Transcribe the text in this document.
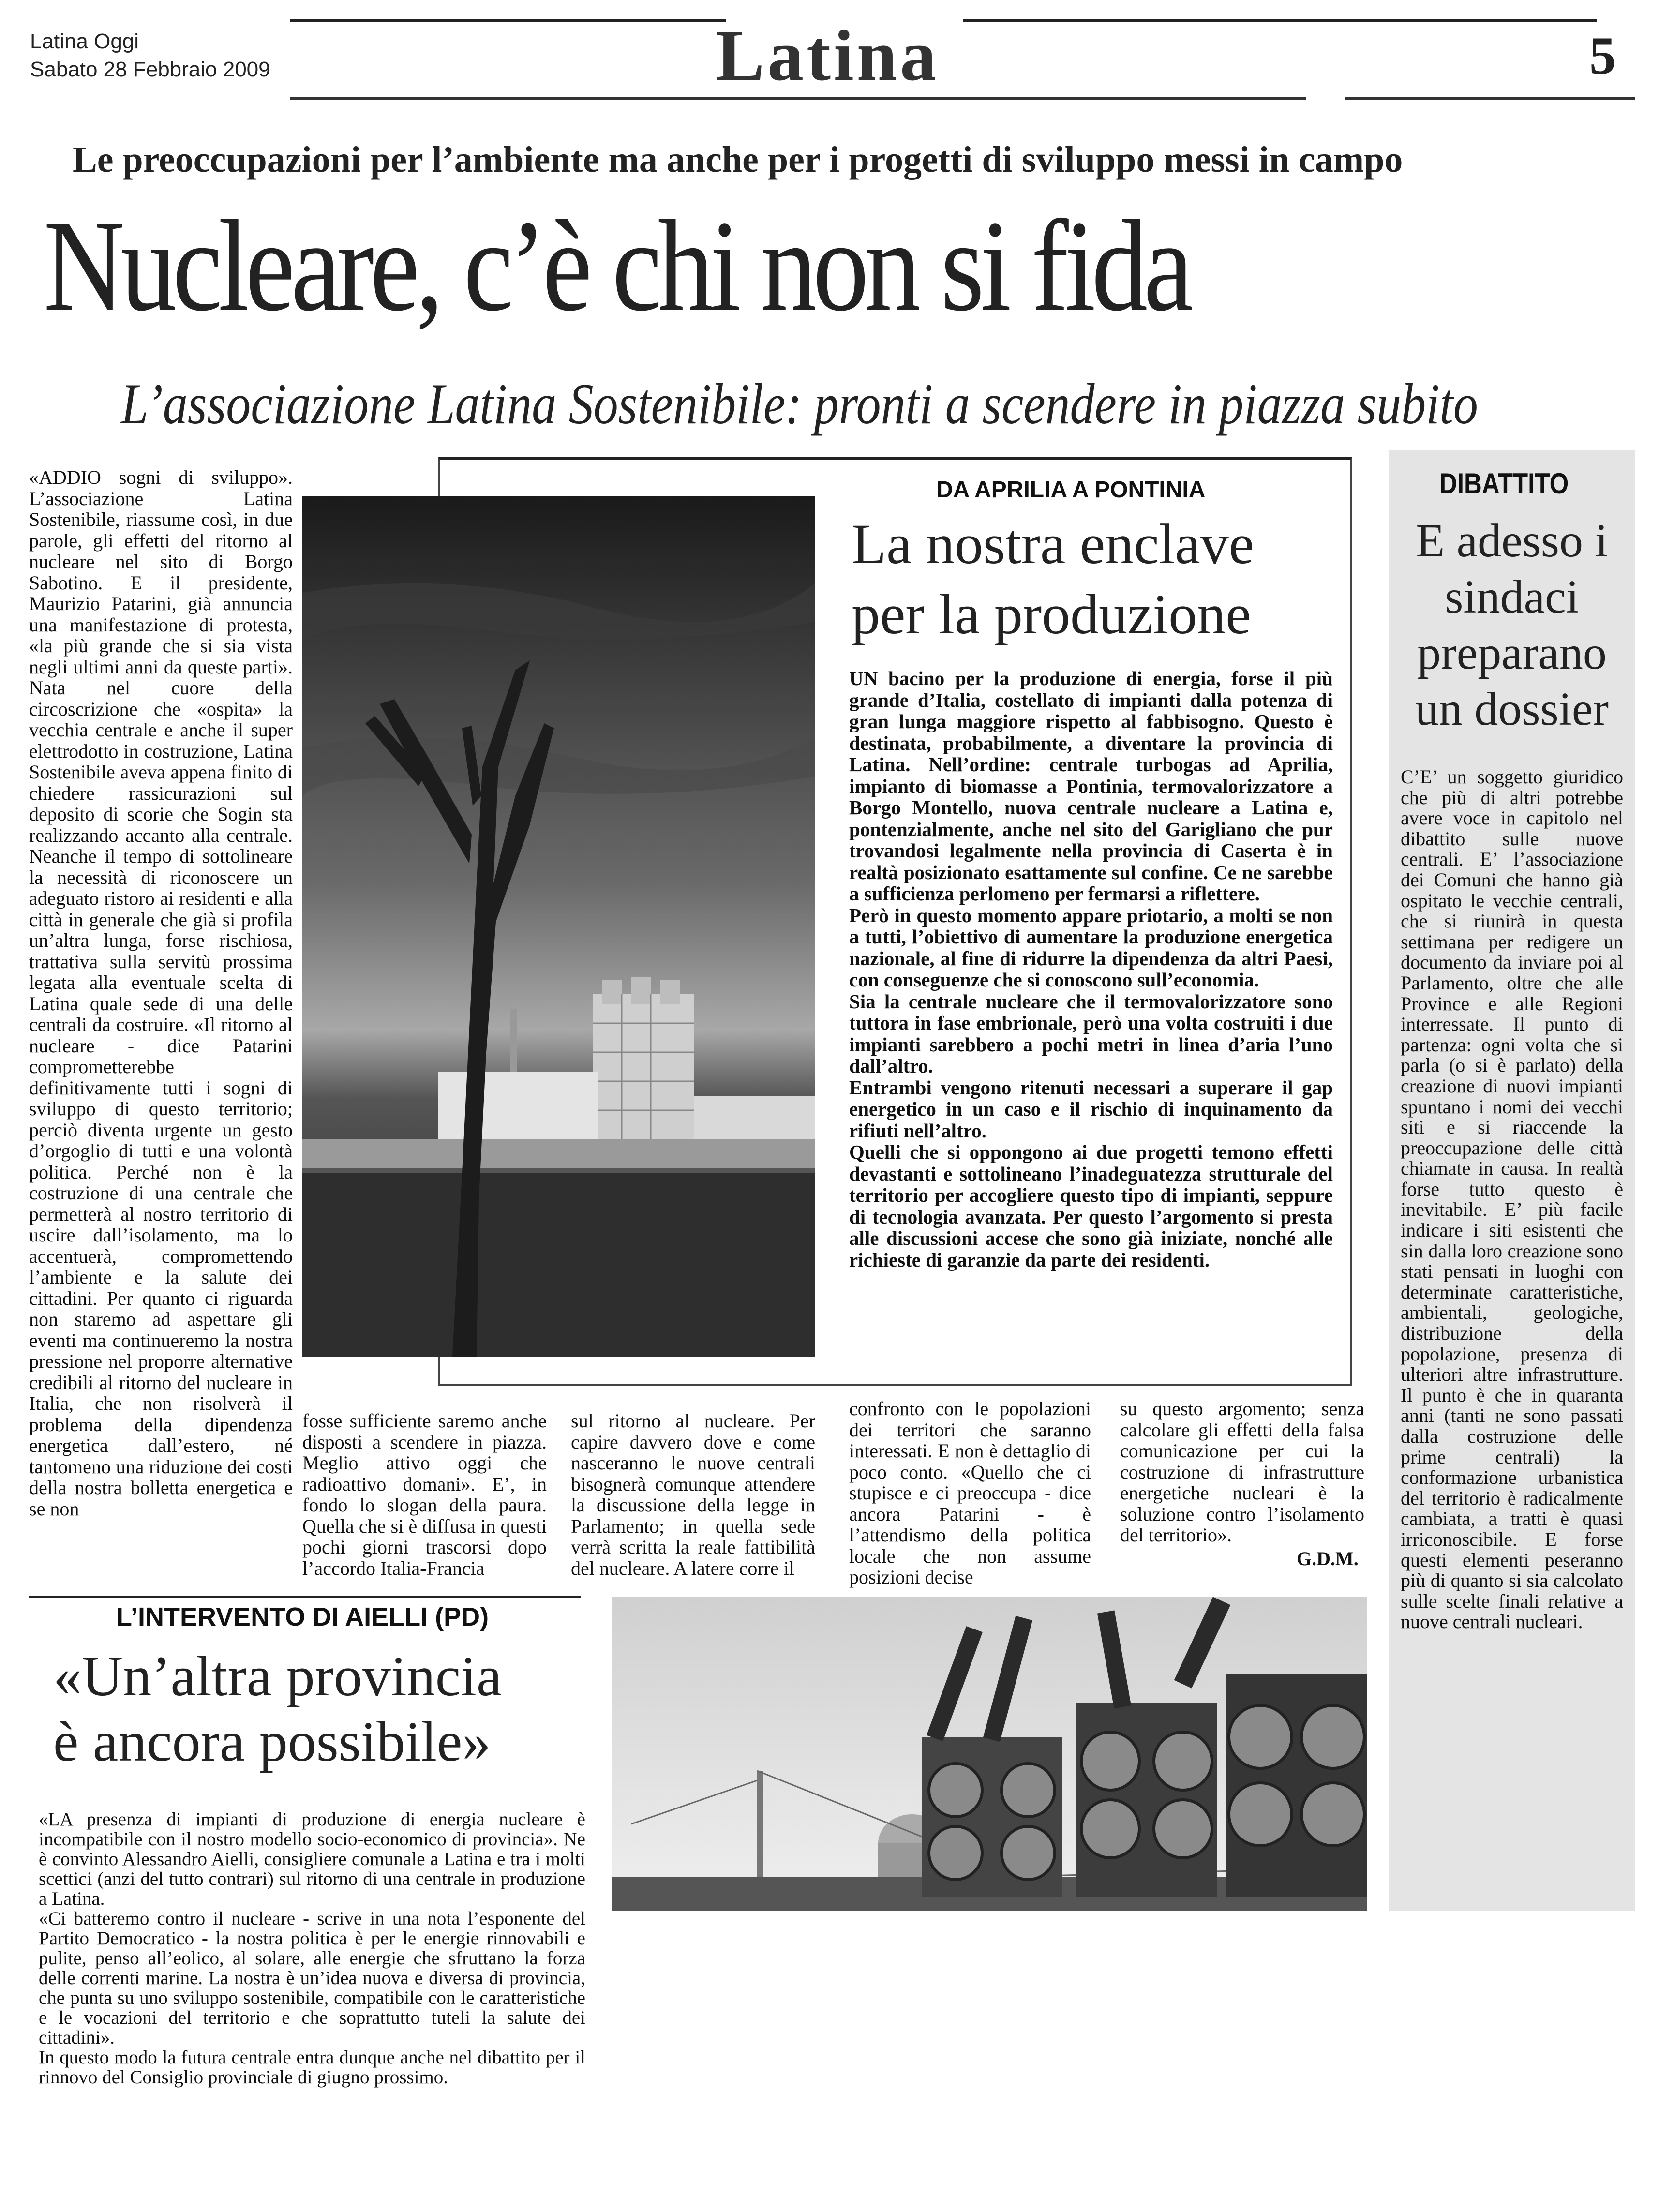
Latina Oggi
Sabato 28 Febbraio 2009	Latina	5
Le preoccupazioni per l’ambiente ma anche per i progetti di sviluppo messi in campo
Nucleare, c’è chi non si fida
L’associazione Latina Sostenibile: pronti a scendere in piazza subito

«ADDIO sogni di sviluppo». L’associazione Latina Sostenibile, riassume così, in due parole, gli effetti del ritorno al nucleare nel sito di Borgo Sabotino. E il presidente, Maurizio Patarini, già annuncia una manifestazione di protesta, «la più grande che si sia vista negli ultimi anni da queste parti». Nata nel cuore della circoscrizione che «ospita» la vecchia centrale e anche il super elettrodotto in costruzione, Latina Sostenibile aveva appena finito di chiedere rassicurazioni sul deposito di scorie che Sogin sta realizzando accanto alla centrale. Neanche il tempo di sottolineare la necessità di riconoscere un adeguato ristoro ai residenti e alla città in generale che già si profila un’altra lunga, forse rischiosa, trattativa sulla servitù prossima legata alla eventuale scelta di Latina quale sede di una delle centrali da costruire. «Il ritorno al nucleare - dice Patarini comprometterebbe definitivamente tutti i sogni di sviluppo di questo territorio; perciò diventa urgente un gesto d’orgoglio di tutti e una volontà politica. Perché non è la costruzione di una centrale che permetterà al nostro territorio di uscire dall’isolamento, ma lo accentuerà, compromettendo l’ambiente e la salute dei cittadini. Per quanto ci riguarda non staremo ad aspettare gli eventi ma continueremo la nostra pressione nel proporre alternative credibili al ritorno del nucleare in Italia, che non risolverà il problema della dipendenza energetica dall’estero, né tantomeno una riduzione dei costi della nostra bolletta energetica e se non

DA APRILIA A PONTINIA
La nostra enclave
per la produzione

UN bacino per la produzione di energia, forse il più grande d’Italia, costellato di impianti dalla potenza di gran lunga maggiore rispetto al fabbisogno. Questo è destinata, probabilmente, a diventare la provincia di Latina. Nell’ordine: centrale turbogas ad Aprilia, impianto di biomasse a Pontinia, termovalorizzatore a Borgo Montello, nuova centrale nucleare a Latina e, pontenzialmente, anche nel sito del Garigliano che pur trovandosi legalmente nella provincia di Caserta è in realtà posizionato esattamente sul confine. Ce ne sarebbe a sufficienza perlomeno per fermarsi a riflettere.
Però in questo momento appare priotario, a molti se non a tutti, l’obiettivo di aumentare la produzione energetica nazionale, al fine di ridurre la dipendenza da altri Paesi, con conseguenze che si conoscono sull’economia.
Sia la centrale nucleare che il termovalorizzatore sono tuttora in fase embrionale, però una volta costruiti i due impianti sarebbero a pochi metri in linea d’aria l’uno dall’altro.
Entrambi vengono ritenuti necessari a superare il gap energetico in un caso e il rischio di inquinamento da rifiuti nell’altro.
Quelli che si oppongono ai due progetti temono effetti devastanti e sottolineano l’inadeguatezza strutturale del territorio per accogliere questo tipo di impianti, seppure di tecnologia avanzata. Per questo l’argomento si presta alle discussioni accese che sono già iniziate, nonché alle richieste di garanzie da parte dei residenti.

DIBATTITO
E adesso i sindaci preparano un dossier

C’E’ un soggetto giuridico che più di altri potrebbe avere voce in capitolo nel dibattito sulle nuove centrali. E’ l’associazione dei Comuni che hanno già ospitato le vecchie centrali, che si riunirà in questa settimana per redigere un documento da inviare poi al Parlamento, oltre che alle Province e alle Regioni interressate. Il punto di partenza: ogni volta che si parla (o si è parlato) della creazione di nuovi impianti spuntano i nomi dei vecchi siti e si riaccende la preoccupazione delle città chiamate in causa. In realtà forse tutto questo è inevitabile. E’ più facile indicare i siti esistenti che sin dalla loro creazione sono stati pensati in luoghi con determinate caratteristiche, ambientali, geologiche, distribuzione della popolazione, presenza di ulteriori altre infrastrutture. Il punto è che in quaranta anni (tanti ne sono passati dalla costruzione delle prime centrali) la conformazione urbanistica del territorio è radicalmente cambiata, a tratti è quasi irriconoscibile. E forse questi elementi peseranno più di quanto si sia calcolato sulle scelte finali relative a nuove centrali nucleari.

fosse sufficiente saremo anche disposti a scendere in piazza. Meglio attivo oggi che radioattivo domani». E’, in fondo lo slogan della paura. Quella che si è diffusa in questi pochi giorni trascorsi dopo l’accordo Italia-Francia

sul ritorno al nucleare. Per capire davvero dove e come nasceranno le nuove centrali bisognerà comunque attendere la discussione della legge in Parlamento; in quella sede verrà scritta la reale fattibilità del nucleare. A latere corre il

confronto con le popolazioni dei territori che saranno interessati. E non è dettaglio di poco conto. «Quello che ci stupisce e ci preoccupa - dice ancora Patarini - è l’attendismo della politica locale che non assume posizioni decise

su questo argomento; senza calcolare gli effetti della falsa comunicazione per cui la costruzione di infrastrutture energetiche nucleari è la soluzione contro l’isolamento del territorio».

G.D.M.
L’INTERVENTO DI AIELLI (PD)
«Un’altra provincia
è ancora possibile»

«LA presenza di impianti di produzione di energia nucleare è incompatibile con il nostro modello socio-economico di provincia». Ne è convinto Alessandro Aielli, consigliere comunale a Latina e tra i molti scettici (anzi del tutto contrari) sul ritorno di una centrale in produzione a Latina.
«Ci batteremo contro il nucleare - scrive in una nota l’esponente del Partito Democratico - la nostra politica è per le energie rinnovabili e pulite, penso all’eolico, al solare, alle energie che sfruttano la forza delle correnti marine. La nostra è un’idea nuova e diversa di provincia, che punta su uno sviluppo sostenibile, compatibile con le caratteristiche e le vocazioni del territorio e che soprattutto tuteli la salute dei cittadini».
In questo modo la futura centrale entra dunque anche nel dibattito per il rinnovo del Consiglio provinciale di giugno prossimo.
